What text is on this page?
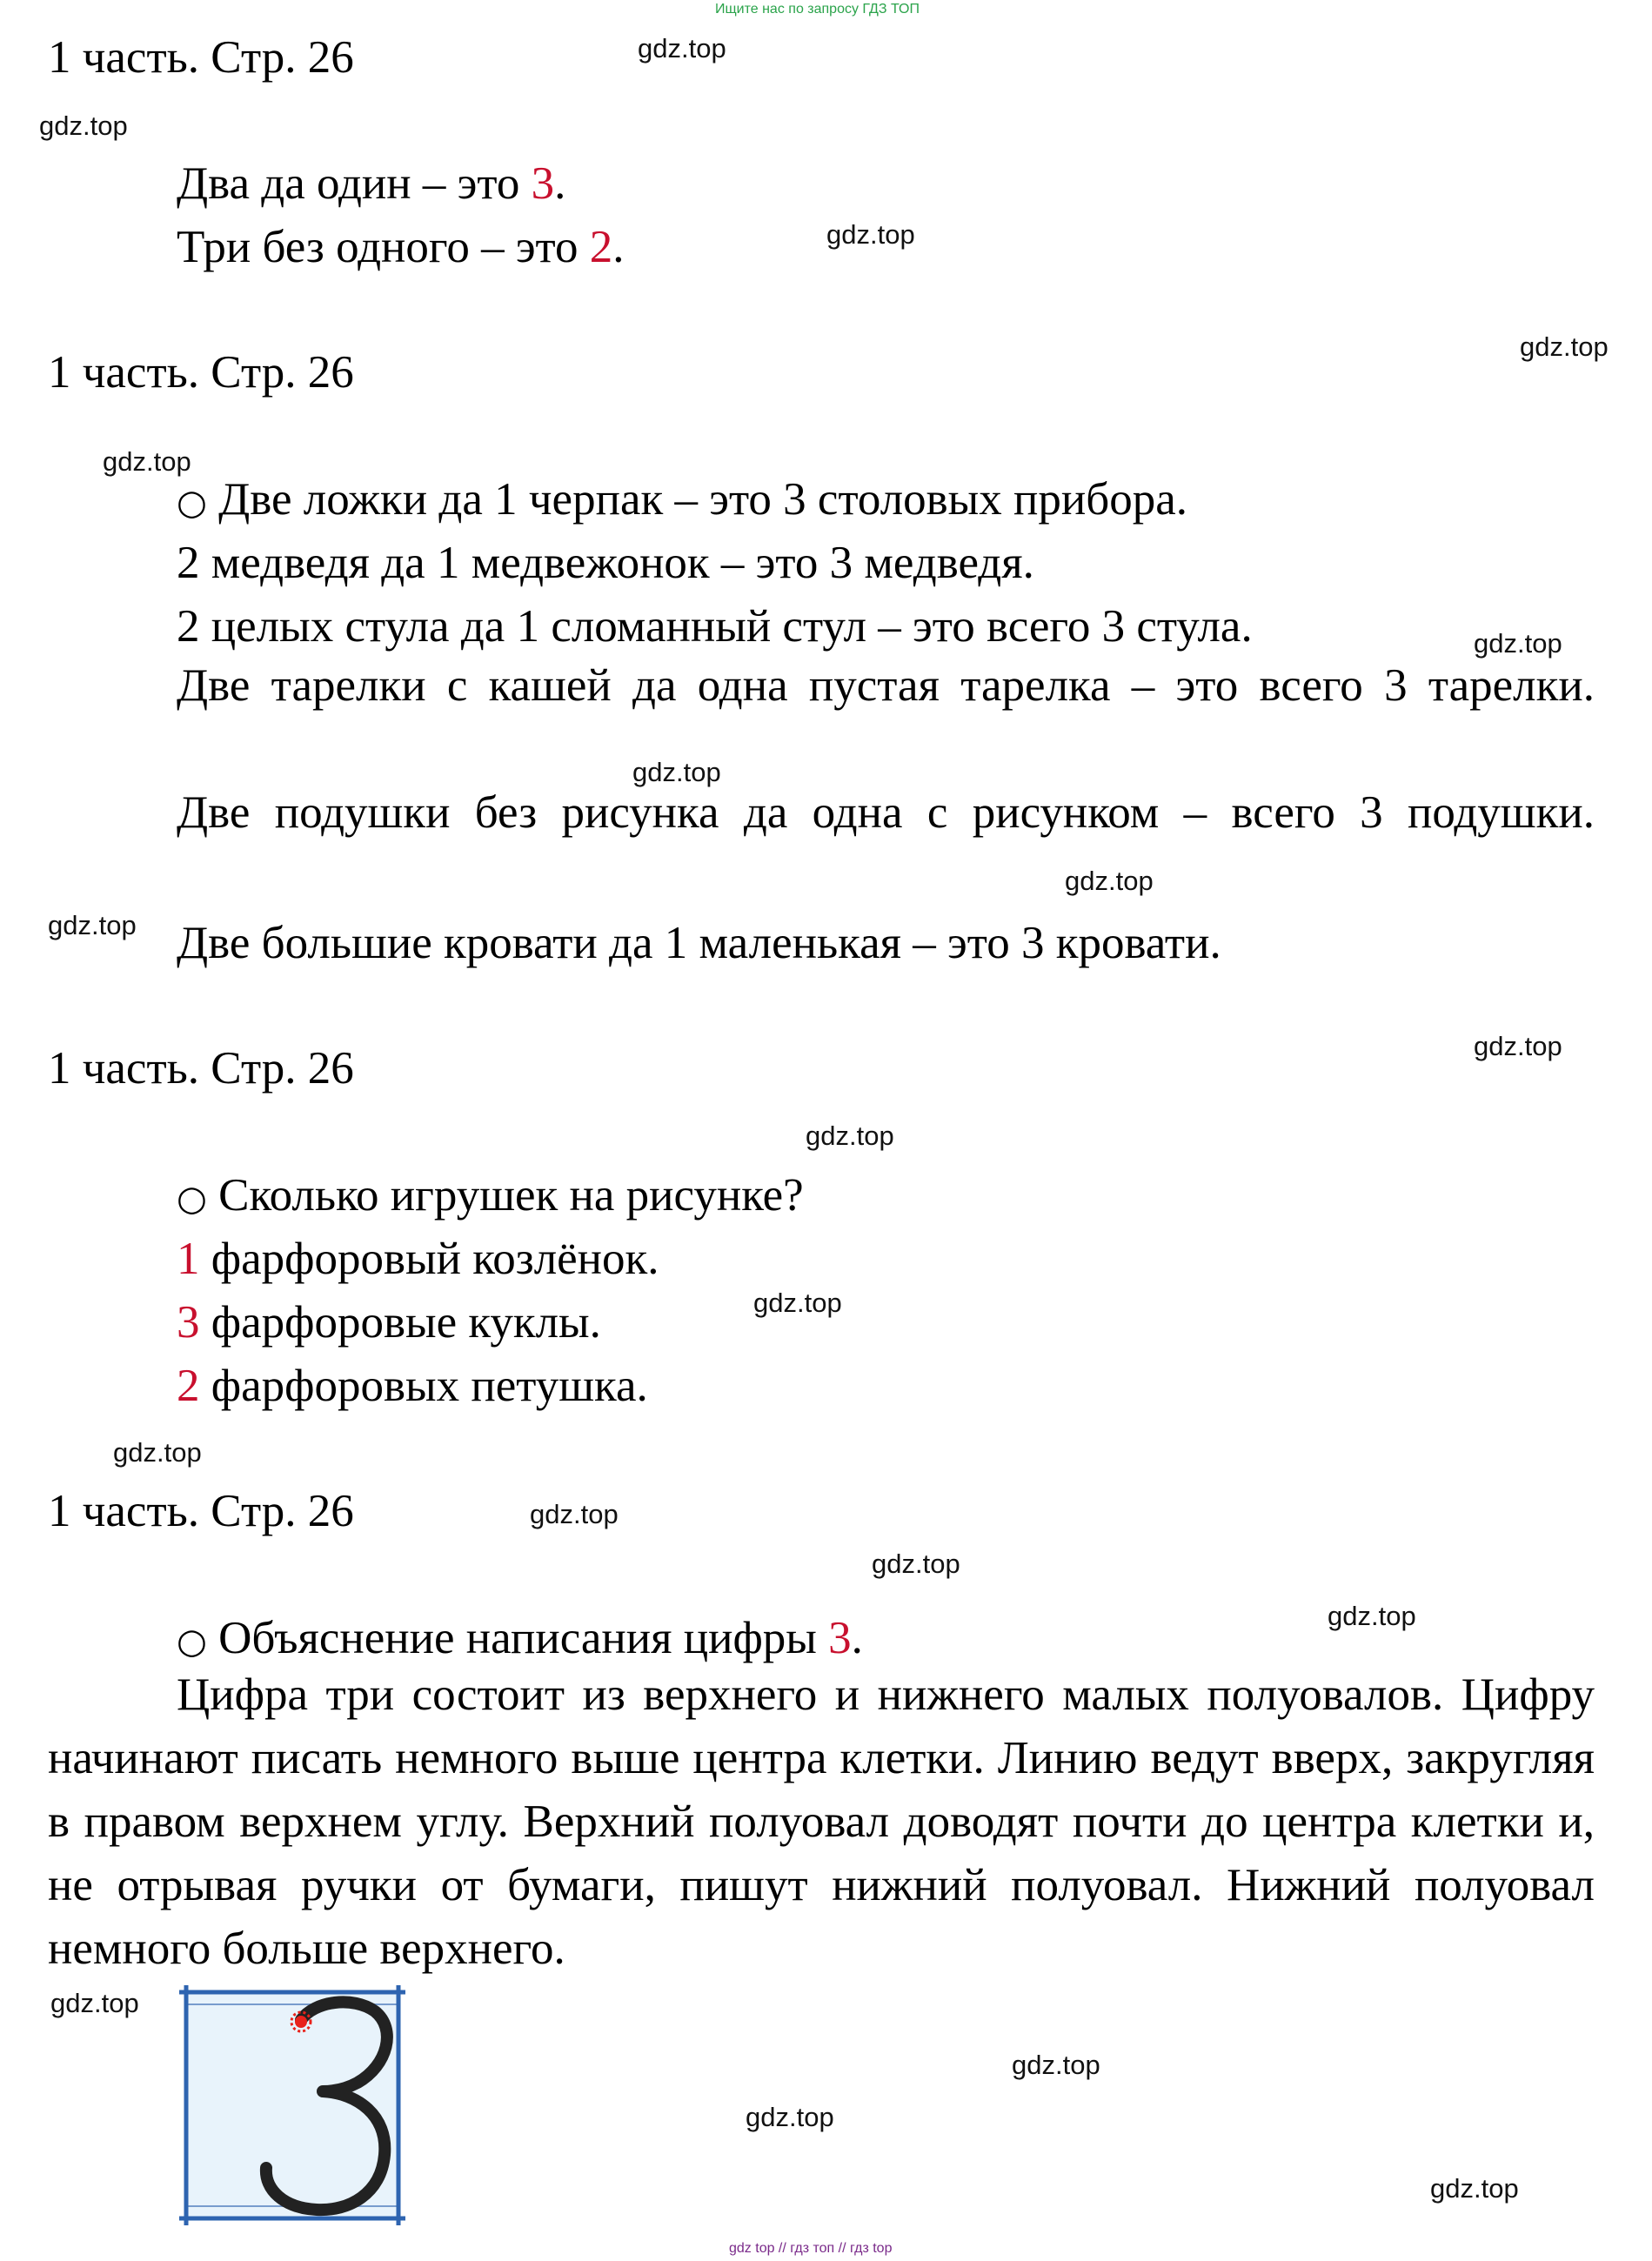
Ищите нас по запросу ГДЗ ТОП
gdz top // гдз топ // гдз top
gdz.top
gdz.top
gdz.top
gdz.top
gdz.top
gdz.top
gdz.top
gdz.top
gdz.top
gdz.top
gdz.top
gdz.top
gdz.top
gdz.top
gdz.top
gdz.top
gdz.top
gdz.top
gdz.top
gdz.top
1 часть. Стр. 26
Два да один – это 3.
Три без одного – это 2.
1 часть. Стр. 26
○ Две ложки да 1 черпак – это 3 столовых прибора.
2 медведя да 1 медвежонок – это 3 медведя.
2 целых стула да 1 сломанный стул – это всего 3 стула.
Две тарелки с кашей да одна пустая тарелка – это всего 3 тарелки.
Две подушки без рисунка да одна с рисунком – всего 3 подушки.
Две большие кровати да 1 маленькая – это 3 кровати.
1 часть. Стр. 26
○ Сколько игрушек на рисунке?
1 фарфоровый козлёнок.
3 фарфоровые куклы.
2 фарфоровых петушка.
1 часть. Стр. 26
○ Объяснение написания цифры 3.
Цифра три состоит из верхнего и нижнего малых полуовалов. Цифру начинают писать немного выше центра клетки. Линию ведут вверх, закругляя в правом верхнем углу. Верхний полуовал доводят почти до центра клетки и, не отрывая ручки от бумаги, пишут нижний полуовал. Нижний полуовал немного больше верхнего.
